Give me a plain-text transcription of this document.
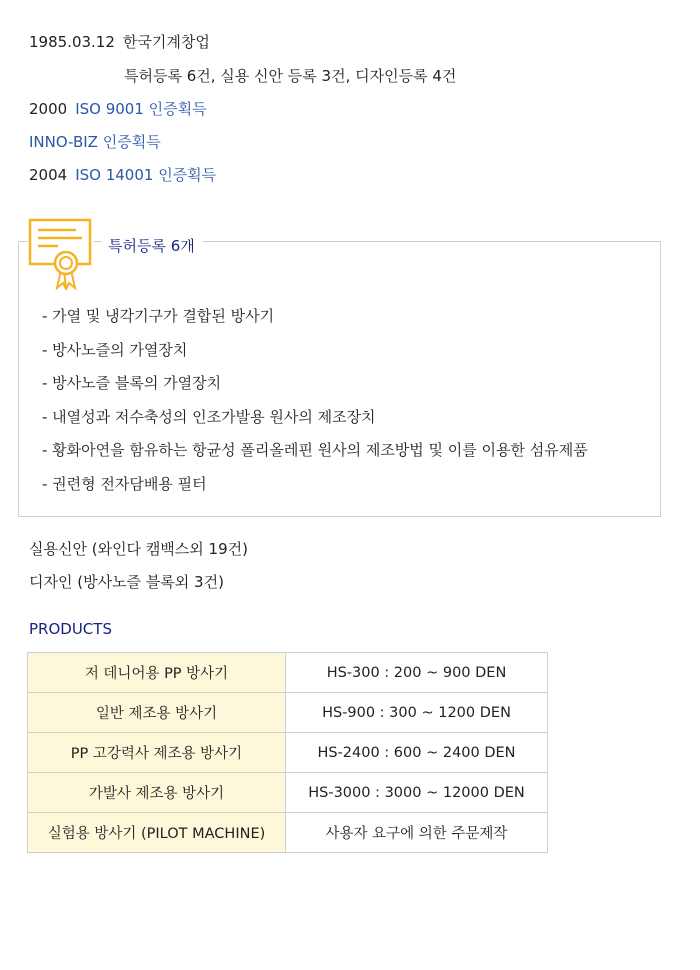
1985.03.12 한국기계창업
특허등록 6건, 실용 신안 등록 3건, 디자인등록 4건
2000 ISO 9001 인증획득
INNO-BIZ 인증획득
2004 ISO 14001 인증획득
특허등록 6개
- 가열 및 냉각기구가 결합된 방사기
- 방사노즐의 가열장치
- 방사노즐 블록의 가열장치
- 내열성과 저수축성의 인조가발용 원사의 제조장치
- 황화아연을 함유하는 항균성 폴리올레핀 원사의 제조방법 및 이를 이용한 섬유제품
- 권련형 전자담배용 필터
실용신안 (와인다 캠백스외 19건)
디자인 (방사노즐 블록외 3건)
PRODUCTS
저 데니어용 PP 방사기	HS-300 : 200 ~ 900 DEN
일반 제조용 방사기	HS-900 : 300 ~ 1200 DEN
PP 고강력사 제조용 방사기	HS-2400 : 600 ~ 2400 DEN
가발사 제조용 방사기	HS-3000 : 3000 ~ 12000 DEN
실험용 방사기 (PILOT MACHINE)	사용자 요구에 의한 주문제작
